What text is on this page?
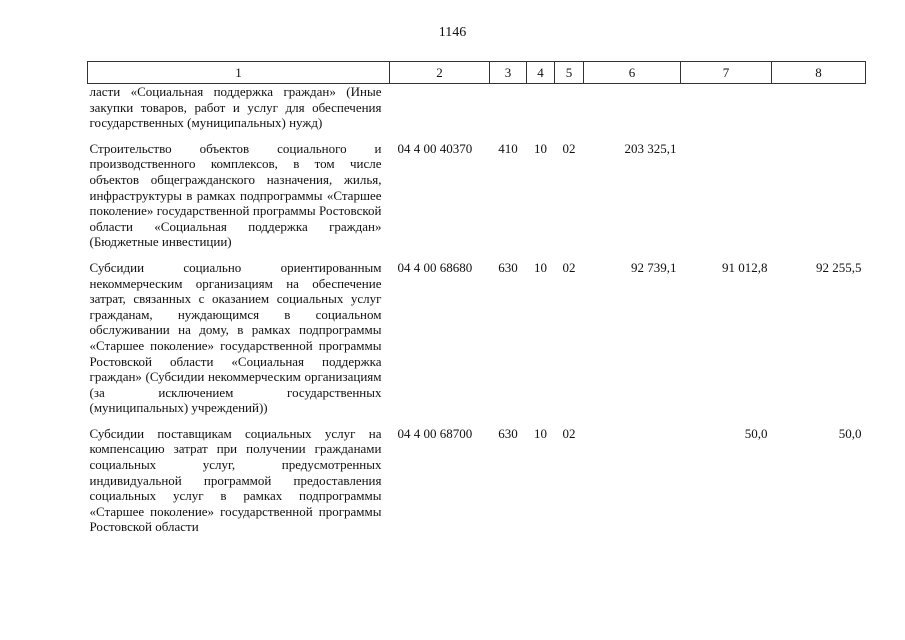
1146
1	2	3	4	5	6	7	8
ласти «Социальная поддержка граждан» (Иные закупки товаров, работ и услуг для обеспечения государственных (муниципальных) нужд)							
Строительство объектов социального и производственного комплексов, в том числе объектов общегражданского назначения, жилья, инфраструктуры в рамках подпрограммы «Старшее поколение» государственной программы Ростовской области «Социальная поддержка граждан» (Бюджетные инвестиции)	04 4 00 40370	410	10	02	203 325,1		
Субсидии социально ориентированным некоммерческим организациям на обеспечение затрат, связанных с оказанием социальных услуг гражданам, нуждающимся в социальном обслуживании на дому, в рамках подпрограммы «Старшее поколение» государственной программы Ростовской области «Социальная поддержка граждан» (Субсидии некоммерческим организациям (за исключением государственных (муниципальных) учреждений))	04 4 00 68680	630	10	02	92 739,1	91 012,8	92 255,5
Субсидии поставщикам социальных услуг на компенсацию затрат при получении гражданами социальных услуг, предусмотренных индивидуальной программой предоставления социальных услуг в рамках подпрограммы «Старшее поколение» государственной программы Ростовской области	04 4 00 68700	630	10	02		50,0	50,0
